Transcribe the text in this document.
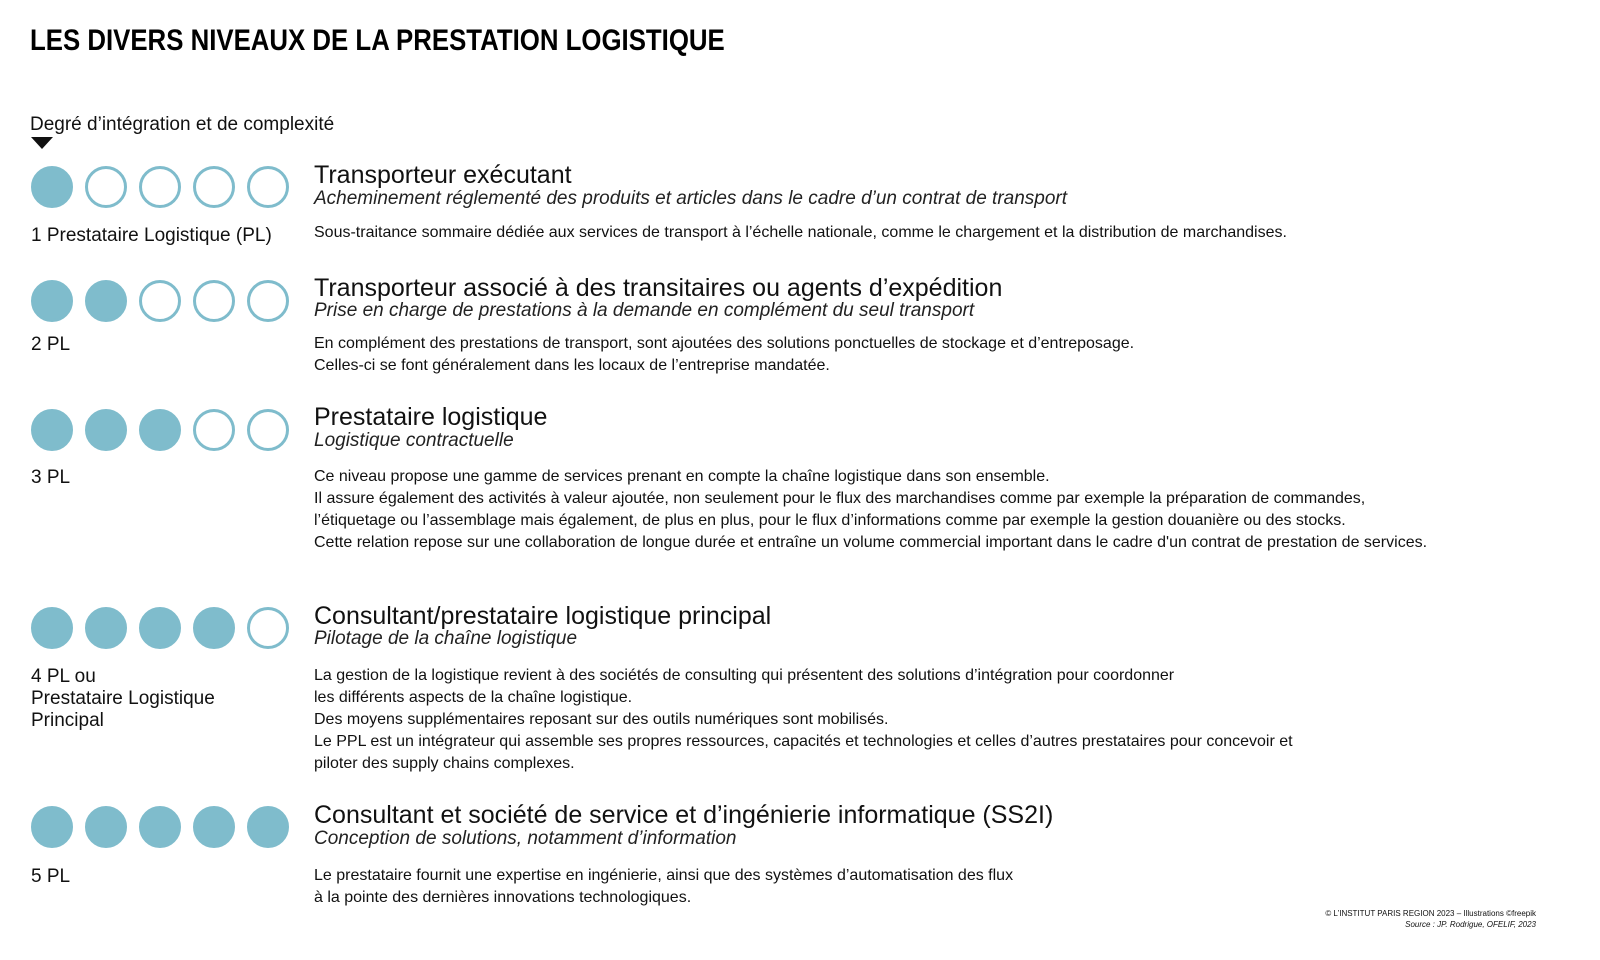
LES DIVERS NIVEAUX DE LA PRESTATION LOGISTIQUE
Degré d’intégration et de complexité
1 Prestataire Logistique (PL)
Transporteur exécutant
Acheminement réglementé des produits et articles dans le cadre d’un contrat de transport
Sous-traitance sommaire dédiée aux services de transport à l’échelle nationale, comme le chargement et la distribution de marchandises.
2 PL
Transporteur associé à des transitaires ou agents d’expédition
Prise en charge de prestations à la demande en complément du seul transport
En complément des prestations de transport, sont ajoutées des solutions ponctuelles de stockage et d’entreposage.
Celles-ci se font généralement dans les locaux de l’entreprise mandatée.
3 PL
Prestataire logistique
Logistique contractuelle
Ce niveau propose une gamme de services prenant en compte la chaîne logistique dans son ensemble.
Il assure également des activités à valeur ajoutée, non seulement pour le flux des marchandises comme par exemple la préparation de commandes,
l’étiquetage ou l’assemblage mais également, de plus en plus, pour le flux d’informations comme par exemple la gestion douanière ou des stocks.
Cette relation repose sur une collaboration de longue durée et entraîne un volume commercial important dans le cadre d'un contrat de prestation de services.
4 PL ou
Prestataire Logistique
Principal
Consultant/prestataire logistique principal
Pilotage de la chaîne logistique
La gestion de la logistique revient à des sociétés de consulting qui présentent des solutions d’intégration pour coordonner
les différents aspects de la chaîne logistique.
Des moyens supplémentaires reposant sur des outils numériques sont mobilisés.
Le PPL est un intégrateur qui assemble ses propres ressources, capacités et technologies et celles d’autres prestataires pour concevoir et
piloter des supply chains complexes.
5 PL
Consultant et société de service et d’ingénierie informatique (SS2I)
Conception de solutions, notamment d’information
Le prestataire fournit une expertise en ingénierie, ainsi que des systèmes d’automatisation des flux
à la pointe des dernières innovations technologiques.
© L’INSTITUT PARIS REGION 2023 – Illustrations ©freepik
Source : JP. Rodrigue, OFELIF, 2023
